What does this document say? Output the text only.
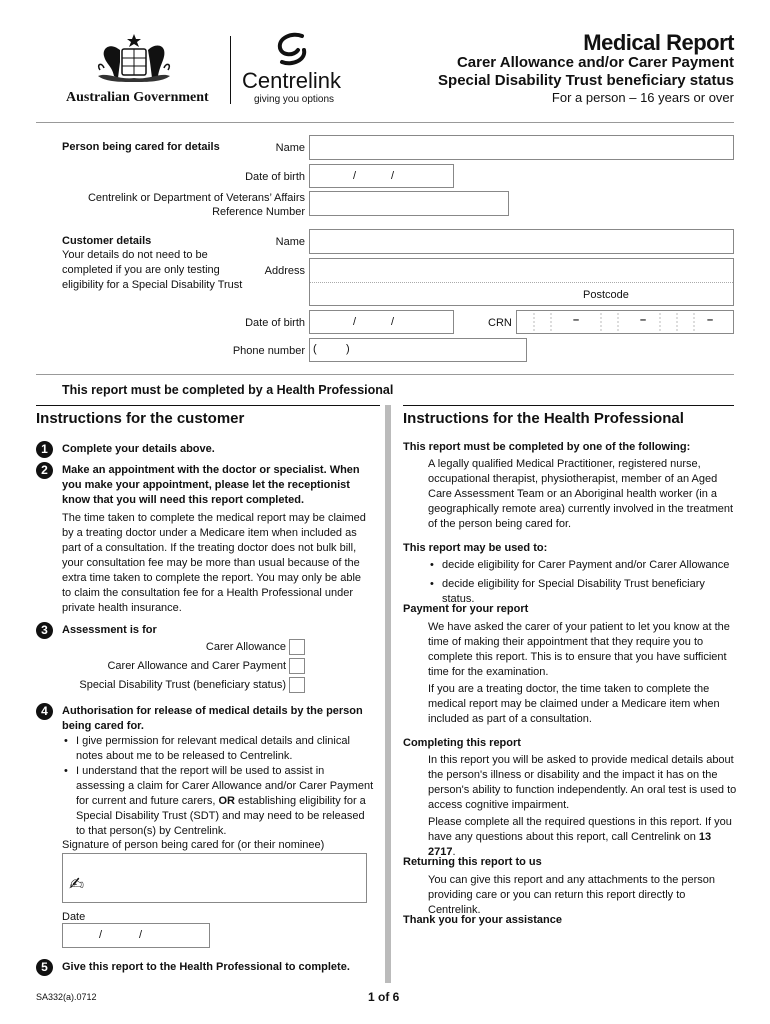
Australian Government
Centrelink
giving you options
Medical Report
Carer Allowance and/or Carer Payment
Special Disability Trust beneficiary status
For a person – 16 years or over
Person being cared for details	Name
Date of birth	/	/
Centrelink or Department of Veterans’ Affairs
Reference Number
Customer details
Your details do not need to be
completed if you are only testing
eligibility for a Special Disability Trust
Name
Address
Postcode
Date of birth	/	/	CRN	–	–	–
Phone number (	)
This report must be completed by a Health Professional
Instructions for the customer
1	Complete your details above.
2	Make an appointment with the doctor or specialist. When you make your appointment, please let the receptionist know that you will need this report completed.
The time taken to complete the medical report may be claimed by a treating doctor under a Medicare item when included as part of a consultation. If the treating doctor does not bulk bill, your consultation fee may be more than usual because of the extra time taken to complete the report. You may only be able to claim the consultation fee for a Health Professional under private health insurance.
3	Assessment is for
Carer Allowance
Carer Allowance and Carer Payment
Special Disability Trust (beneficiary status)
4	Authorisation for release of medical details by the person being cared for.
• I give permission for relevant medical details and clinical notes about me to be released to Centrelink.
• I understand that the report will be used to assist in assessing a claim for Carer Allowance and/or Carer Payment for current and future carers, OR establishing eligibility for a Special Disability Trust (SDT) and may need to be released to that person(s) by Centrelink.
Signature of person being cared for (or their nominee)
✍
Date
/	/
5	Give this report to the Health Professional to complete.
Instructions for the Health Professional
This report must be completed by one of the following:
A legally qualified Medical Practitioner, registered nurse, occupational therapist, physiotherapist, member of an Aged Care Assessment Team or an Aboriginal health worker (in a geographically remote area) currently involved in the treatment of the person being cared for.
This report may be used to:
• decide eligibility for Carer Payment and/or Carer Allowance
• decide eligibility for Special Disability Trust beneficiary status.
Payment for your report
We have asked the carer of your patient to let you know at the time of making their appointment that they require you to complete this report. This is to ensure that you have sufficient time for the examination.
If you are a treating doctor, the time taken to complete the medical report may be claimed under a Medicare item when included as part of a consultation.
Completing this report
In this report you will be asked to provide medical details about the person's illness or disability and the impact it has on the person's ability to function independently. An oral test is used to access cognitive impairment.
Please complete all the required questions in this report. If you have any questions about this report, call Centrelink on 13 2717.
Returning this report to us
You can give this report and any attachments to the person providing care or you can return this report directly to Centrelink.
Thank you for your assistance
SA332(a).0712	1 of 6
